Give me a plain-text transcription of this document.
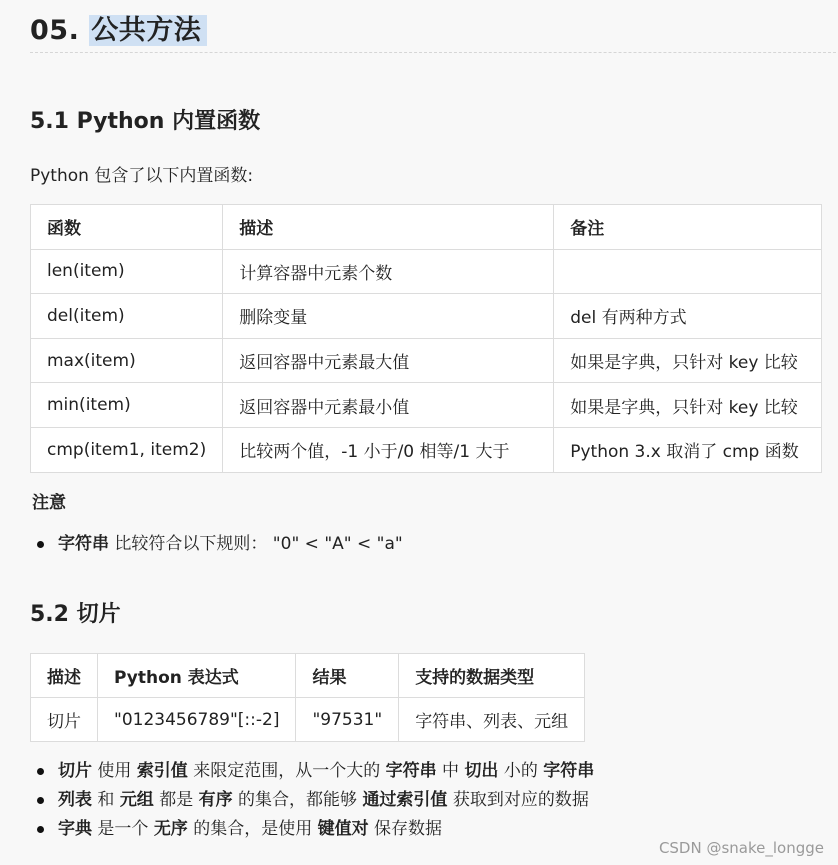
05. 公共方法
5.1 Python 内置函数

Python 包含了以下内置函数:

函数	描述	备注
len(item)	计算容器中元素个数	
del(item)	删除变量	del 有两种方式
max(item)	返回容器中元素最大值	如果是字典，只针对 key 比较
min(item)	返回容器中元素最小值	如果是字典，只针对 key 比较
cmp(item1, item2)	比较两个值，-1 小于/0 相等/1 大于	Python 3.x 取消了 cmp 函数

注意

字符串 比较符合以下规则： "0" < "A" < "a"
5.2 切片
描述	Python 表达式	结果	支持的数据类型
切片	"0123456789"[::-2]	"97531"	字符串、列表、元组
切片 使用 索引值 来限定范围，从一个大的 字符串 中 切出 小的 字符串
列表 和 元组 都是 有序 的集合，都能够 通过索引值 获取到对应的数据
字典 是一个 无序 的集合，是使用 键值对 保存数据
CSDN @snake_longge
